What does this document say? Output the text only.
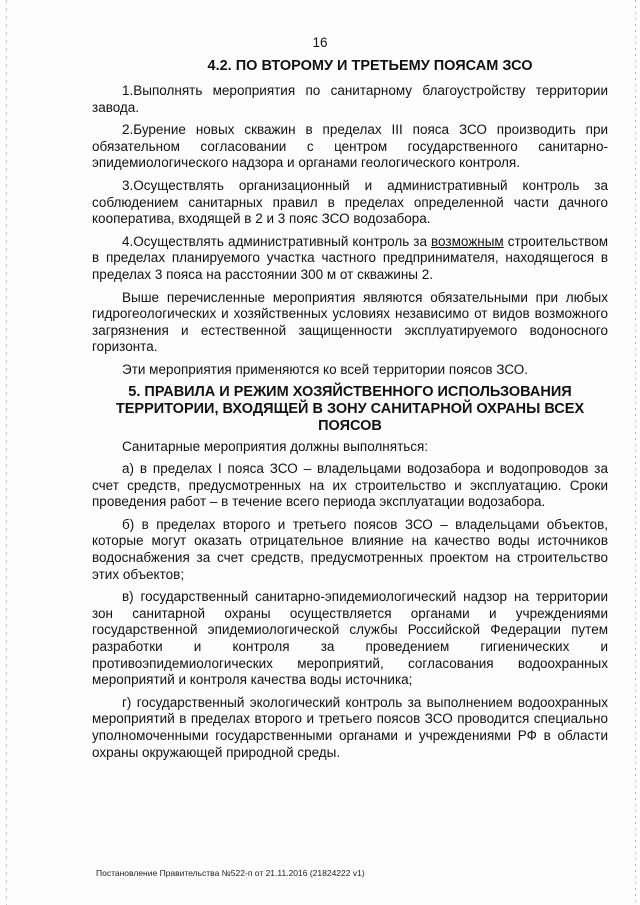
16

4.2. ПО ВТОРОМУ И ТРЕТЬЕМУ ПОЯСАМ ЗСО

1.Выполнять мероприятия по санитарному благоустройству территории завода.

2.Бурение новых скважин в пределах III пояса ЗСО производить при обязательном согласовании с центром государственного санитарно-эпидемиологического надзора и органами геологического контроля.

3.Осуществлять организационный и административный контроль за соблюдением санитарных правил в пределах определенной части дачного кооператива, входящей в 2 и 3 пояс ЗСО водозабора.

4.Осуществлять административный контроль за возможным строительством в пределах планируемого участка частного предпринимателя, находящегося в пределах 3 пояса на расстоянии 300 м от скважины 2.

Выше перечисленные мероприятия являются обязательными при любых гидрогеологических и хозяйственных условиях независимо от видов возможного загрязнения и естественной защищенности эксплуатируемого водоносного горизонта.

Эти мероприятия применяются ко всей территории поясов ЗСО.

5. ПРАВИЛА И РЕЖИМ ХОЗЯЙСТВЕННОГО ИСПОЛЬЗОВАНИЯ ТЕРРИТОРИИ, ВХОДЯЩЕЙ В ЗОНУ САНИТАРНОЙ ОХРАНЫ ВСЕХ ПОЯСОВ

Санитарные мероприятия должны выполняться:

а) в пределах I пояса ЗСО – владельцами водозабора и водопроводов за счет средств, предусмотренных на их строительство и эксплуатацию. Сроки проведения работ – в течение всего периода эксплуатации водозабора.

б) в пределах второго и третьего поясов ЗСО – владельцами объектов, которые могут оказать отрицательное влияние на качество воды источников водоснабжения за счет средств, предусмотренных проектом на строительство этих объектов;

в) государственный санитарно-эпидемиологический надзор на территории зон санитарной охраны осуществляется органами и учреждениями государственной эпидемиологической службы Российской Федерации путем разработки и контроля за проведением гигиенических и противоэпидемиологических мероприятий, согласования водоохранных мероприятий и контроля качества воды источника;

г) государственный экологический контроль за выполнением водоохранных мероприятий в пределах второго и третьего поясов ЗСО проводится специально уполномоченными государственными органами и учреждениями РФ в области охраны окружающей природной среды.

Постановление Правительства №522-п от 21.11.2016 (21824222 v1)
